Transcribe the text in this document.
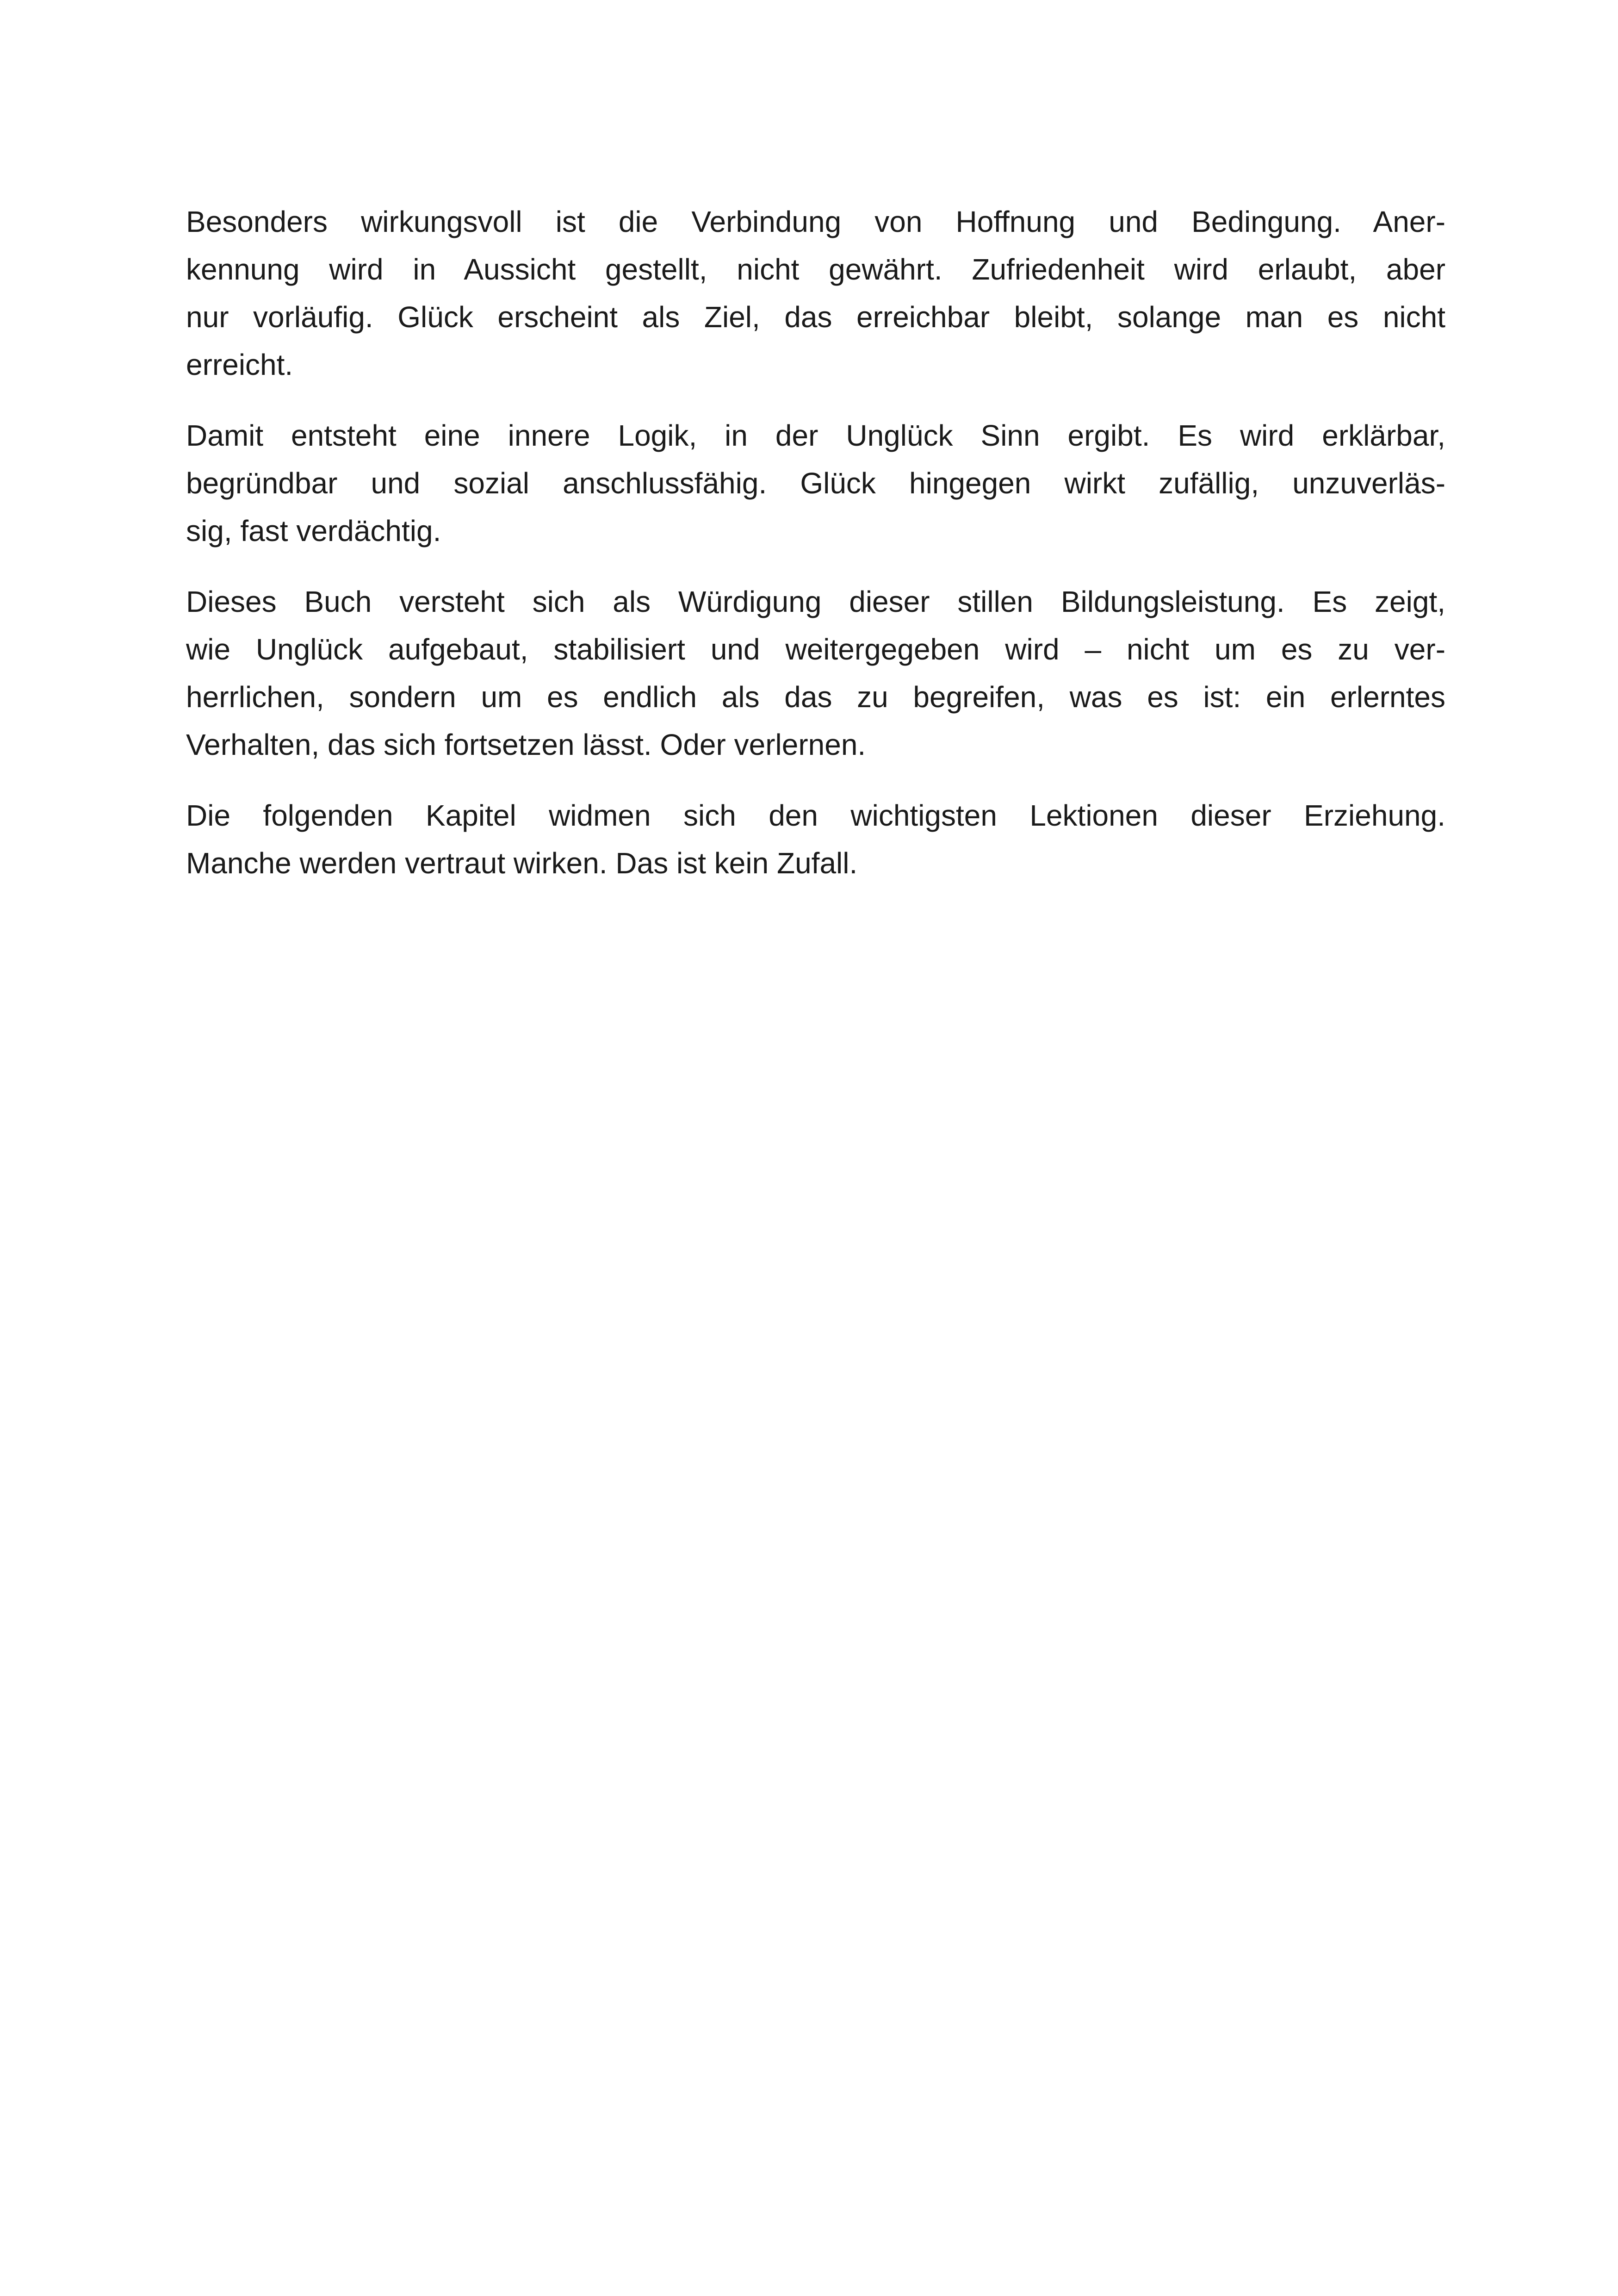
Besonders wirkungsvoll ist die Verbindung von Hoffnung und Bedingung. Aner-
kennung wird in Aussicht gestellt, nicht gewährt. Zufriedenheit wird erlaubt, aber
nur vorläufig. Glück erscheint als Ziel, das erreichbar bleibt, solange man es nicht
erreicht.

Damit entsteht eine innere Logik, in der Unglück Sinn ergibt. Es wird erklärbar,
begründbar und sozial anschlussfähig. Glück hingegen wirkt zufällig, unzuverläs-
sig, fast verdächtig.

Dieses Buch versteht sich als Würdigung dieser stillen Bildungsleistung. Es zeigt,
wie Unglück aufgebaut, stabilisiert und weitergegeben wird – nicht um es zu ver-
herrlichen, sondern um es endlich als das zu begreifen, was es ist: ein erlerntes
Verhalten, das sich fortsetzen lässt. Oder verlernen.

Die folgenden Kapitel widmen sich den wichtigsten Lektionen dieser Erziehung.
Manche werden vertraut wirken. Das ist kein Zufall.
